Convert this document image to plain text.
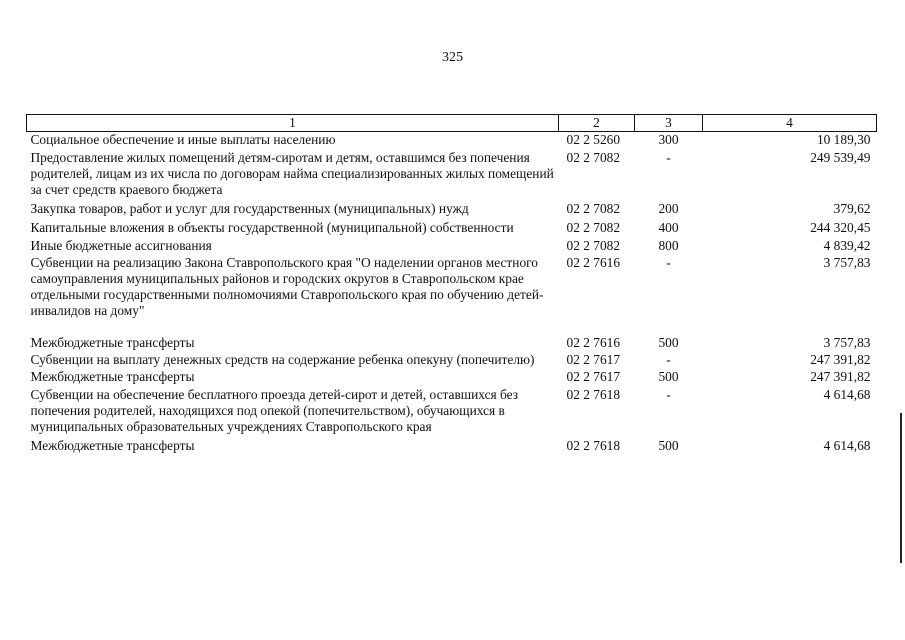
325
1	2	3	4
Социальное обеспечение и иные выплаты населению	02 2 5260	300	10 189,30
Предоставление жилых помещений детям-сиротам и детям, оставшимся без попечения родителей, лицам из их числа по договорам найма специализированных жилых помещений за счет средств краевого бюджета	02 2 7082	-	249 539,49
Закупка товаров, работ и услуг для государственных (муниципальных) нужд	02 2 7082	200	379,62
Капитальные вложения в объекты государственной (муниципальной) собственности	02 2 7082	400	244 320,45
Иные бюджетные ассигнования	02 2 7082	800	4 839,42
Субвенции на реализацию Закона Ставропольского края "О наделении органов местного самоуправления муниципальных районов и городских округов в Ставропольском крае отдельными государственными полномочиями Ставропольского края по обучению детей-инвалидов на дому"	02 2 7616	-	3 757,83

Межбюджетные трансферты	02 2 7616	500	3 757,83
Субвенции на выплату денежных средств на содержание ребенка опекуну (попечителю)	02 2 7617	-	247 391,82
Межбюджетные трансферты	02 2 7617	500	247 391,82
Субвенции на обеспечение бесплатного проезда детей-сирот и детей, оставшихся без попечения родителей, находящихся под опекой (попечительством), обучающихся в муниципальных образовательных учреждениях Ставропольского края	02 2 7618	-	4 614,68
Межбюджетные трансферты	02 2 7618	500	4 614,68
